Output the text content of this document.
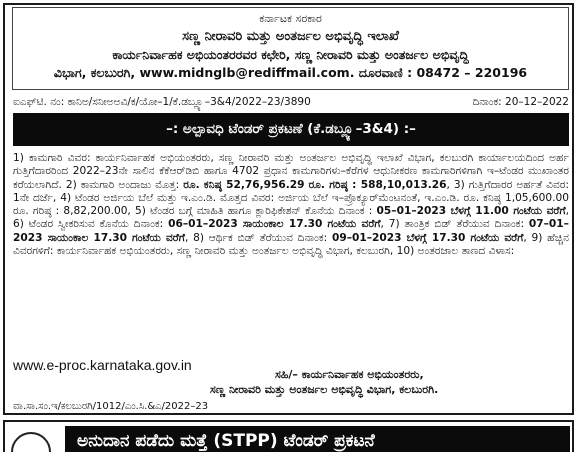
ಕರ್ನಾಟಕ ಸರಕಾರ
ಸಣ್ಣ ನೀರಾವರಿ ಮತ್ತು ಅಂತರ್ಜಲ ಅಭಿವೃದ್ಧಿ ಇಲಾಖೆ
ಕಾರ್ಯನಿರ್ವಾಹಕ ಅಭಿಯಂತರರವರ ಕಛೇರಿ, ಸಣ್ಣ ನೀರಾವರಿ ಮತ್ತು ಅಂತರ್ಜಲ ಅಭಿವೃದ್ಧಿ
ವಿಭಾಗ, ಕಲಬುರಗಿ, www.midnglb@rediffmail.com. ದೂರವಾಣಿ : 08472 – 220196
ಐಎಫ್‌ಟಿ. ನಂ: ಕಾನಿಅ/ಸನೀಅಅವಿ/ಕ/ಯೋ–1/ಕೆ.ಡಬ್ಲ್ಯೂ–3&4/2022–23/3890	ದಿನಾಂಕ: 20–12–2022
–: ಅಲ್ಪಾವಧಿ ಟೆಂಡರ್ ಪ್ರಕಟಣೆ (ಕೆ.ಡಬ್ಲ್ಯೂ–3&4) :–
1) ಕಾಮಗಾರಿ ವಿವರ: ಕಾರ್ಯನಿರ್ವಾಹಕ ಅಭಿಯಂತರರು, ಸಣ್ಣ ನೀರಾವರಿ ಮತ್ತು ಅಂತರ್ಜಲ ಅಭಿವೃದ್ಧಿ ಇಲಾಖೆ ವಿಭಾಗ, ಕಲಬುರಗಿ ಕಾರ್ಯಾಲಯದಿಂದ ಅರ್ಹ ಗುತ್ತಿಗೆದಾರರಿಂದ 2022–23ನೇ ಸಾಲಿನ ಕೆಕೆಆರ್‌ಡಿಬಿ ಹಾಗೂ 4702 ಪ್ರಧಾನ ಕಾಮಗಾರಿಗಳು–ಕೆರೆಗಳ ಆಧುನೀಕರಣ ಕಾಮಗಾರಿಗಳಿಗಾಗಿ ಇ–ಟೆಂಡರ ಮುಖಾಂತರ ಕರೆಯಲಾಗಿದೆ. 2) ಕಾಮಗಾರಿ ಅಂದಾಜು ಮೊತ್ತ: ರೂ. ಕನಿಷ್ಠ 52,76,956.29 ರೂ. ಗರಿಷ್ಠ : 588,10,013.26, 3) ಗುತ್ತಿಗೆದಾರರ ಅರ್ಹತೆ ವಿವರ: 1ನೇ ದರ್ಜೆ, 4) ಟೆಂಡರ ಅರ್ಜಿಯ ಬೆಲೆ ಮತ್ತು ಇ.ಎಂ.ಡಿ. ಮೊತ್ತದ ವಿವರ: ಅರ್ಜಿಯ ಬೆಲೆ ಇ–ಪ್ರೊಕ್ಯೂರ್‌ಮೆಂಟನಂತೆ, ಇ.ಎಂ.ಡಿ. ರೂ. ಕನಿಷ್ಠ 1,05,600.00 ರೂ. ಗರಿಷ್ಠ : 8,82,200.00, 5) ಟೆಂಡರ ಬಗ್ಗೆ ಮಾಹಿತಿ ಹಾಗೂ ಕ್ಲಾರಿಫಿಕೇಶನ್ ಕೊನೆಯ ದಿನಾಂಕ : 05–01–2023 ಬೆಳಗ್ಗೆ 11.00 ಗಂಟೆಯ ವರೆಗೆ, 6) ಟೆಂಡರ ಸ್ವೀಕರಿಸುವ ಕೊನೆಯ ದಿನಾಂಕ: 06–01–2023 ಸಾಯಂಕಾಲ 17.30 ಗಂಟೆಯ ವರೆಗೆ, 7) ತಾಂತ್ರಿಕ ಬಿಡ್ ತೆರೆಯುವ ದಿನಾಂಕ: 07–01–2023 ಸಾಯಂಕಾಲ 17.30 ಗಂಟೆಯ ವರೆಗೆ, 8) ಆರ್ಥಿಕ ಬಿಡ್ ತೆರೆಯುವ ದಿನಾಂಕ: 09–01–2023 ಬೆಳಗ್ಗೆ 17.30 ಗಂಟೆಯ ವರೆಗೆ, 9) ಹೆಚ್ಚಿನ ವಿವರಗಳಿಗೆ: ಕಾರ್ಯನಿರ್ವಾಹಕ ಅಭಿಯಂತರರು, ಸಣ್ಣ ನೀರಾವರಿ ಮತ್ತು ಅಂತರ್ಜಲ ಅಭಿವೃದ್ಧಿ ವಿಭಾಗ, ಕಲಬುರಗಿ, 10) ಅಂತರಜಾಲ ತಾಣದ ವಿಳಾಸ:
www.e-proc.karnataka.gov.in
ಸಹಿ/– ಕಾರ್ಯನಿರ್ವಾಹಕ ಅಭಿಯಂತರರು,
ಸಣ್ಣ ನೀರಾವರಿ ಮತ್ತು ಅಂತರ್ಜಲ ಅಭಿವೃದ್ಧಿ ವಿಭಾಗ, ಕಲಬುರಗಿ.
ವಾ.ಸಾ.ಸಂ.ಇ/ಕಲಬುರಗಿ/1012/ಎಂ.ಸಿ.&ಎ/2022–23
ಅನುದಾನ ಪಡೆದು ಮತ್ತೆ (STPP) ಟೆಂಡರ್ ಪ್ರಕಟನೆ
